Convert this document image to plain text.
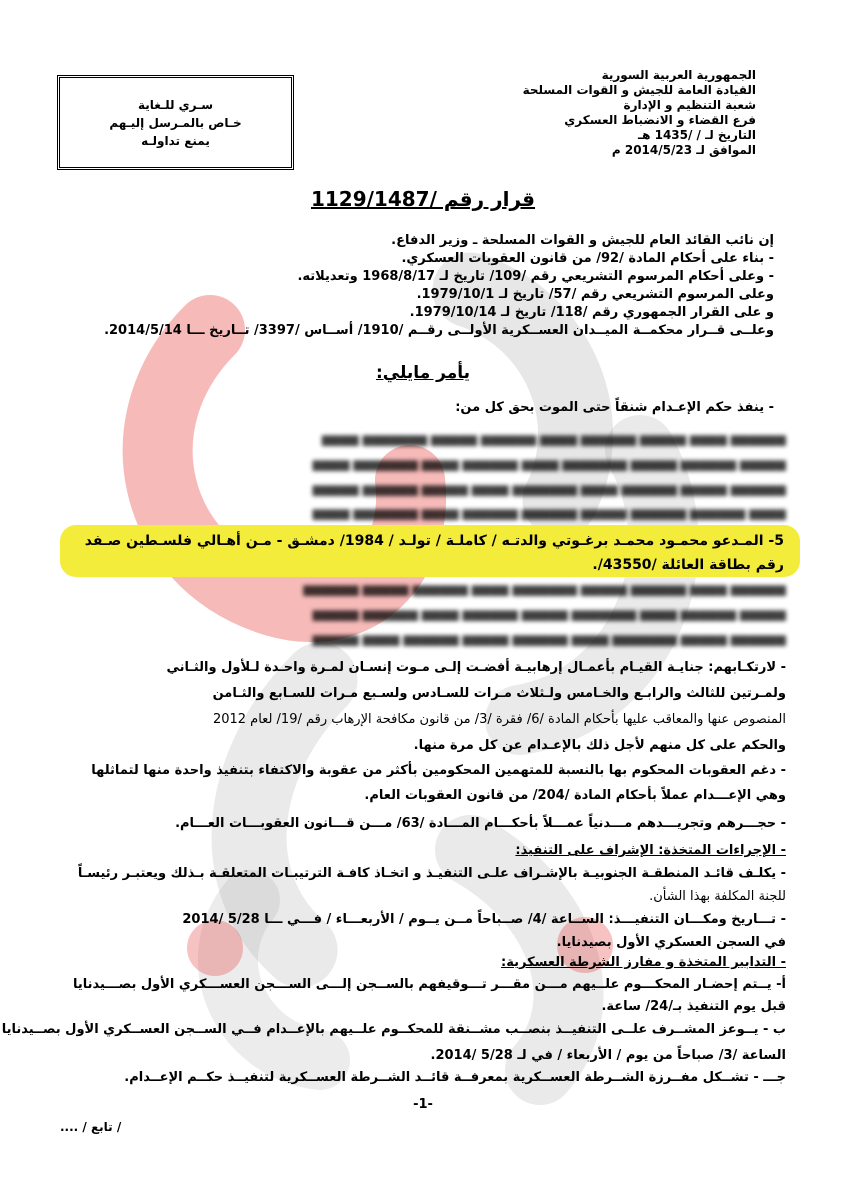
الجمهورية العربية السورية
القيادة العامة للجيش و القوات المسلحة
شعبة التنظيم و الإدارة
فرع القضاء و الانضباط العسكري
التاريخ لـ / /1435 هـ
الموافق لـ 2014/5/23 م
سـري للـغاية
خـاص بالمـرسل إليـهم
يمنع تداولـه
قرار رقم /1129/1487
إن نائب القائد العام للجيش و القوات المسلحة ـ وزير الدفاع.
- بناء على أحكام المادة /92/ من قانون العقوبات العسكري.
- وعلى أحكام المرسوم التشريعي رقم /109/ تاريخ لـ 1968/8/17 وتعديلاته.
وعلى المرسوم التشريعي رقم /57/ تاريخ لـ 1979/10/1.
و على القرار الجمهوري رقم /118/ تاريخ لـ 1979/10/14.
وعلــى قــرار محكمــة الميــدان العســكرية الأولــى رقــم /1910/ أســاس /3397/ تــاريخ ـــا 2014/5/14.
يأمر مايلي:
- ينفذ حكم الإعـدام شنقاً حتى الموت بحق كل من:
▆▆▆▆▆▆ ▆▆▆▆ ▆▆▆▆▆ ▆▆▆▆▆▆ ▆▆▆▆ ▆▆▆▆▆▆ ▆▆▆▆▆ ▆▆▆▆▆▆▆ ▆▆▆▆
▆▆▆▆▆ ▆▆▆▆▆▆ ▆▆▆▆▆ ▆▆▆▆▆▆▆ ▆▆▆▆ ▆▆▆▆▆▆ ▆▆▆▆ ▆▆▆▆▆▆▆ ▆▆▆▆
▆▆▆▆▆▆ ▆▆▆▆▆ ▆▆▆▆▆▆ ▆▆▆▆ ▆▆▆▆▆▆▆ ▆▆▆▆ ▆▆▆▆▆ ▆▆▆▆▆▆ ▆▆▆▆▆
▆▆▆▆ ▆▆▆▆▆▆ ▆▆▆▆▆▆ ▆▆▆▆▆ ▆▆▆▆▆▆ ▆▆▆▆▆▆ ▆▆▆▆ ▆▆▆▆▆▆▆ ▆▆▆▆
5- المـدعو محمـود محمـد برغـوتي والدتـه / كاملـة / تولـد / 1984/ دمشـق - مـن أهـالي فلسـطين صـفد
رقم بطاقة العائلة /43550/.
▆▆▆▆▆▆ ▆▆▆▆ ▆▆▆▆▆▆ ▆▆▆▆▆ ▆▆▆▆▆▆▆ ▆▆▆▆ ▆▆▆▆▆▆ ▆▆▆▆▆ ▆▆▆▆▆▆
▆▆▆▆▆ ▆▆▆▆▆▆ ▆▆▆▆ ▆▆▆▆▆▆▆ ▆▆▆▆▆ ▆▆▆▆▆▆ ▆▆▆▆ ▆▆▆▆▆▆ ▆▆▆▆▆
▆▆▆▆▆▆ ▆▆▆▆▆ ▆▆▆▆▆▆▆ ▆▆▆▆ ▆▆▆▆▆▆ ▆▆▆▆▆ ▆▆▆▆▆▆ ▆▆▆▆ ▆▆▆▆▆
- لارتكـابهم: جنايـة القيـام بأعمـال إرهابيـة أفضـت إلـى مـوت إنسـان لمـرة واحـدة لـلأول والثـاني
ولمـرتين للثالث والرابـع والخـامس ولـثلاث مـرات للسـادس ولسـبع مـرات للسـابع والثـامن
المنصوص عنها والمعاقب عليها بأحكام المادة /6/ فقرة /3/ من قانون مكافحة الإرهاب رقم /19/ لعام 2012
والحكم على كل منهم لأجل ذلك بالإعـدام عن كل مرة منها.
- دغم العقوبات المحكوم بها بالنسبة للمتهمين المحكومين بأكثر من عقوبة والاكتفاء بتنفيذ واحدة منها لتماثلها
وهي الإعـــدام عملاً بأحكام المادة /204/ من قانون العقوبات العام.
- حجـــرهم وتجريـــدهم مـــدنياً عمـــلاً بأحكـــام المـــادة /63/ مـــن قـــانون العقوبـــات العـــام.
- الإجراءات المتخذة: الإشراف على التنفيذ:
- يكلـف قائـد المنطقـة الجنوبيـة بالإشـراف علـى التنفيـذ و اتخـاذ كافـة الترتيبـات المتعلقـة بـذلك ويعتبـر رئيسـاً
للجنة المكلفة بهذا الشأن.
- تـــاريخ ومكـــان التنفيـــذ: الســاعة /4/ صــباحاً مــن يــوم / الأربعـــاء / فـــي ـــا 5/28 /2014
في السجن العسكري الأول بصيدنايا.
- التدابير المتخذة و مفارز الشرطة العسكرية:
أ- يــتم إحضـار المحكـــوم علــيهم مـــن مقـــر تـــوقيفهم بالســجن إلـــى الســـجن العســـكري الأول بصـــيدنايا
قبل يوم التنفيذ بـ/24/ ساعة.
ب - يــوعز المشــرف علــى التنفيــذ بنصــب مشــنقة للمحكــوم علــيهم بالإعــدام فــي الســجن العســكري الأول بصــيدنايا
الساعة /3/ صباحاً من يوم / الأربعاء / في لـ 5/28 /2014.
جـــ - تشــكل مفــرزة الشــرطة العســكرية بمعرفــة قائــد الشــرطة العســكرية لتنفيــذ حكــم الإعــدام.
-1-
/ تابع / ....
